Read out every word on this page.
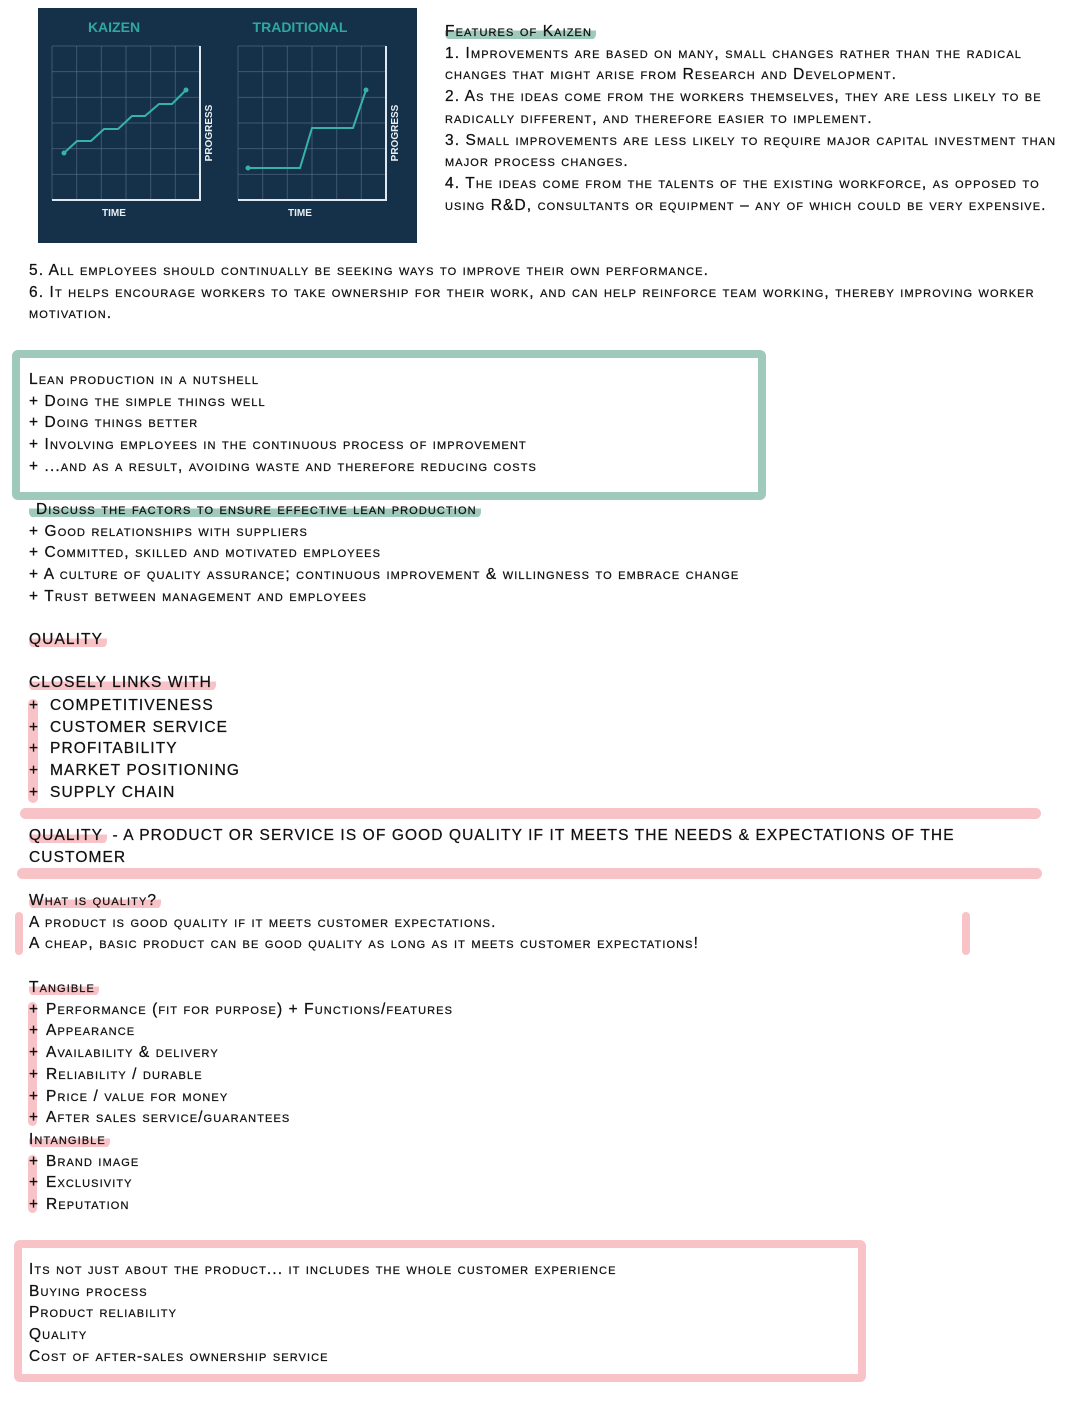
KAIZEN
TIME
PROGRESS
TRADITIONAL
TIME
PROGRESS

Features of Kaizen

1. Improvements are based on many, small changes rather than the radical changes that might arise from Research and Development.

2. As the ideas come from the workers themselves, they are less likely to be radically different, and therefore easier to implement.

3. Small improvements are less likely to require major capital investment than major process changes.

4. The ideas come from the talents of the existing workforce, as opposed to using R&D, consultants or equipment – any of which could be very expensive.

5. All employees should continually be seeking ways to improve their own performance.

6. It helps encourage workers to take ownership for their work, and can help reinforce team working, thereby improving worker motivation.

Lean production in a nutshell
+ Doing the simple things well
+ Doing things better
+ Involving employees in the continuous process of improvement
+ ...and as a result, avoiding waste and therefore reducing costs
Discuss the factors to ensure effective lean production
+ Good relationships with suppliers
+ Committed, skilled and motivated employees
+ A culture of quality assurance; continuous improvement & willingness to embrace change
+ Trust between management and employees
QUALITY

CLOSELY LINKS WITH
+ COMPETITIVENESS
+ CUSTOMER SERVICE
+ PROFITABILITY
+ MARKET POSITIONING
+ SUPPLY CHAIN
QUALITY - A PRODUCT OR SERVICE IS OF GOOD QUALITY IF IT MEETS THE NEEDS & EXPECTATIONS OF THE
CUSTOMER
What is quality?
A product is good quality if it meets customer expectations.
A cheap, basic product can be good quality as long as it meets customer expectations!
Tangible
+ Performance (fit for purpose) + Functions/features
+ Appearance
+ Availability & delivery
+ Reliability / durable
+ Price / value for money
+ After sales service/guarantees
Intangible
+ Brand image
+ Exclusivity
+ Reputation
Its not just about the product... it includes the whole customer experience
Buying process
Product reliability
Quality
Cost of after-sales ownership service
